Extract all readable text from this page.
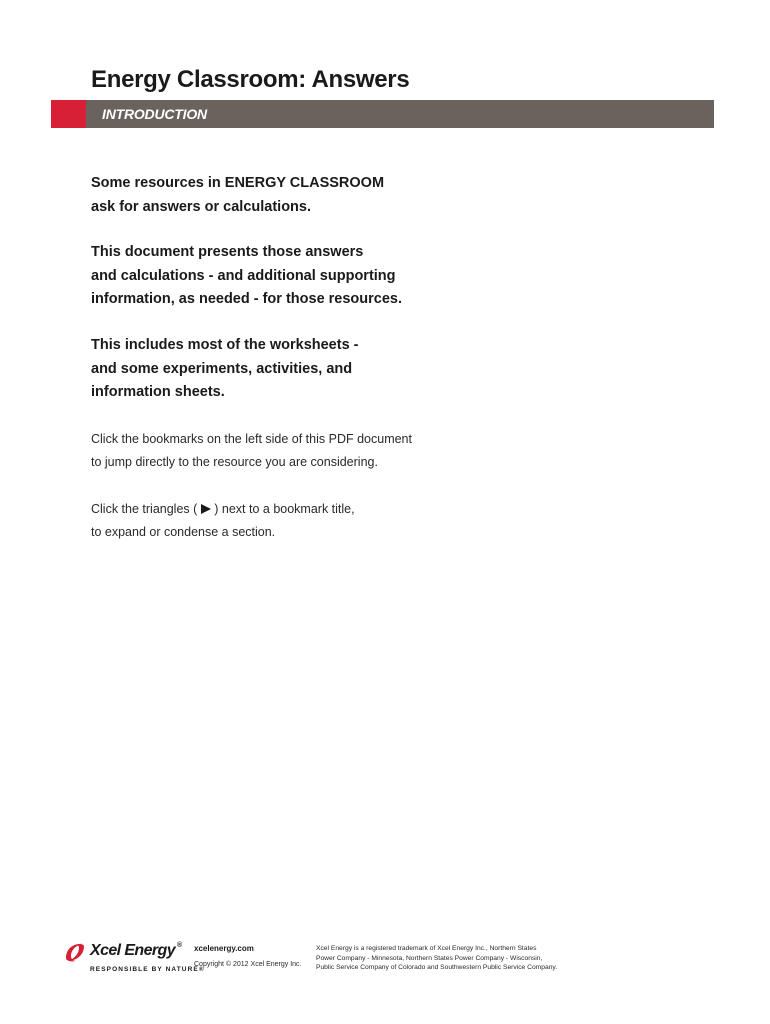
Energy Classroom: Answers
INTRODUCTION

Some resources in ENERGY CLASSROOM
ask for answers or calculations.

This document presents those answers
and calculations - and additional supporting
information, as needed - for those resources.

This includes most of the worksheets -
and some experiments, activities, and
information sheets.

Click the bookmarks on the left side of this PDF document
to jump directly to the resource you are considering.

Click the triangles ( ) next to a bookmark title,
to expand or condense a section.

Xcel Energy ®
RESPONSIBLE BY NATURE®
xcelenergy.com
Copyright © 2012 Xcel Energy Inc.
Xcel Energy is a registered trademark of Xcel Energy Inc., Northern States
Power Company - Minnesota, Northern States Power Company - Wisconsin,
Public Service Company of Colorado and Southwestern Public Service Company.
